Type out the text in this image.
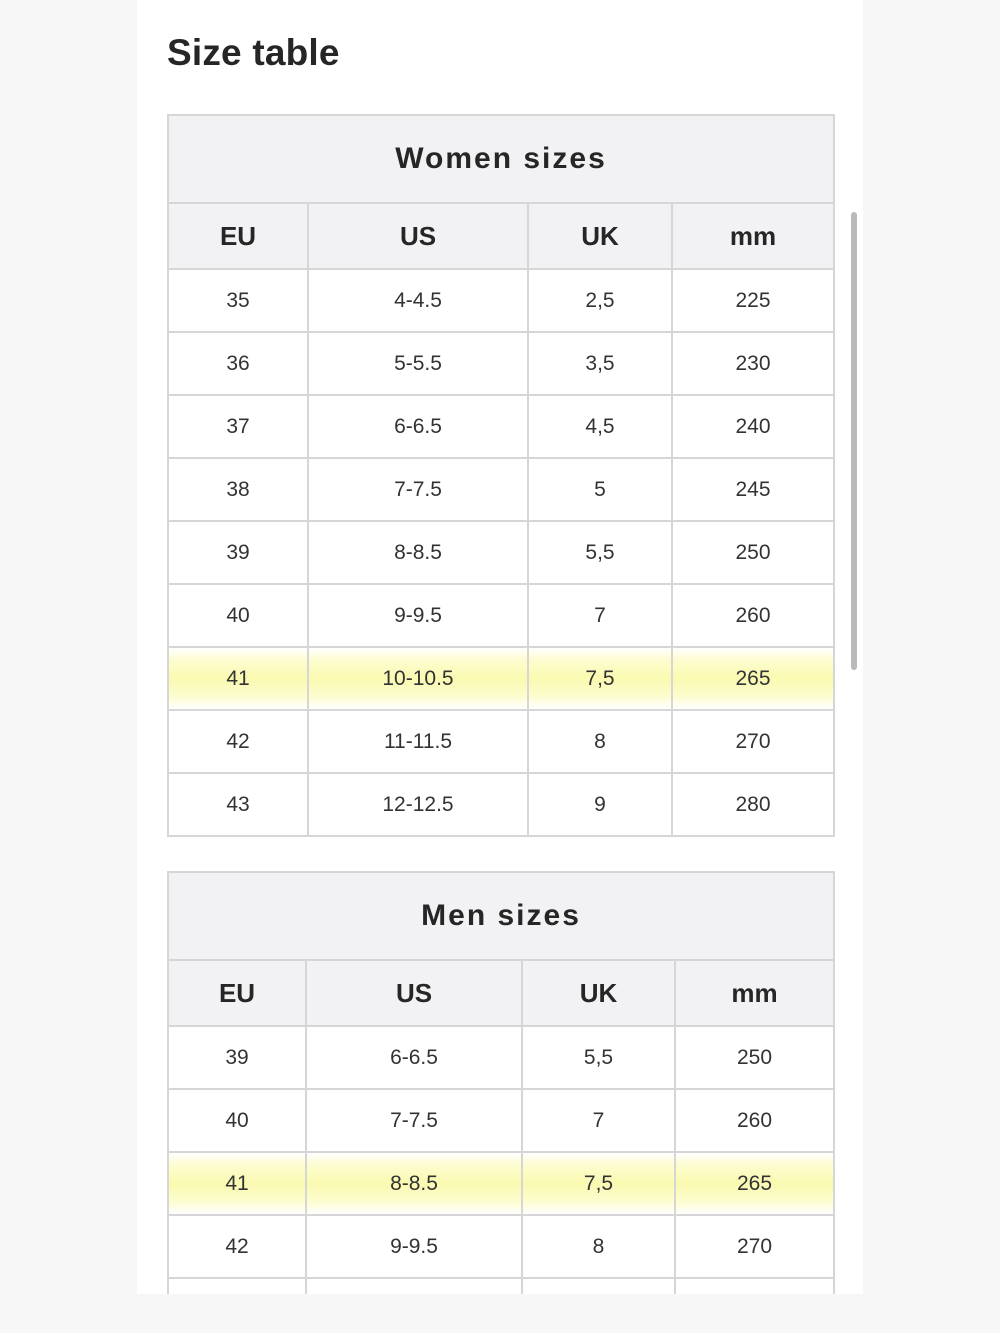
Size table
Women sizes			
EU	US	UK	mm
35	4-4.5	2,5	225
36	5-5.5	3,5	230
37	6-6.5	4,5	240
38	7-7.5	5	245
39	8-8.5	5,5	250
40	9-9.5	7	260
41	10-10.5	7,5	265
42	11-11.5	8	270
43	12-12.5	9	280
Men sizes			
EU	US	UK	mm
39	6-6.5	5,5	250
40	7-7.5	7	260
41	8-8.5	7,5	265
42	9-9.5	8	270
